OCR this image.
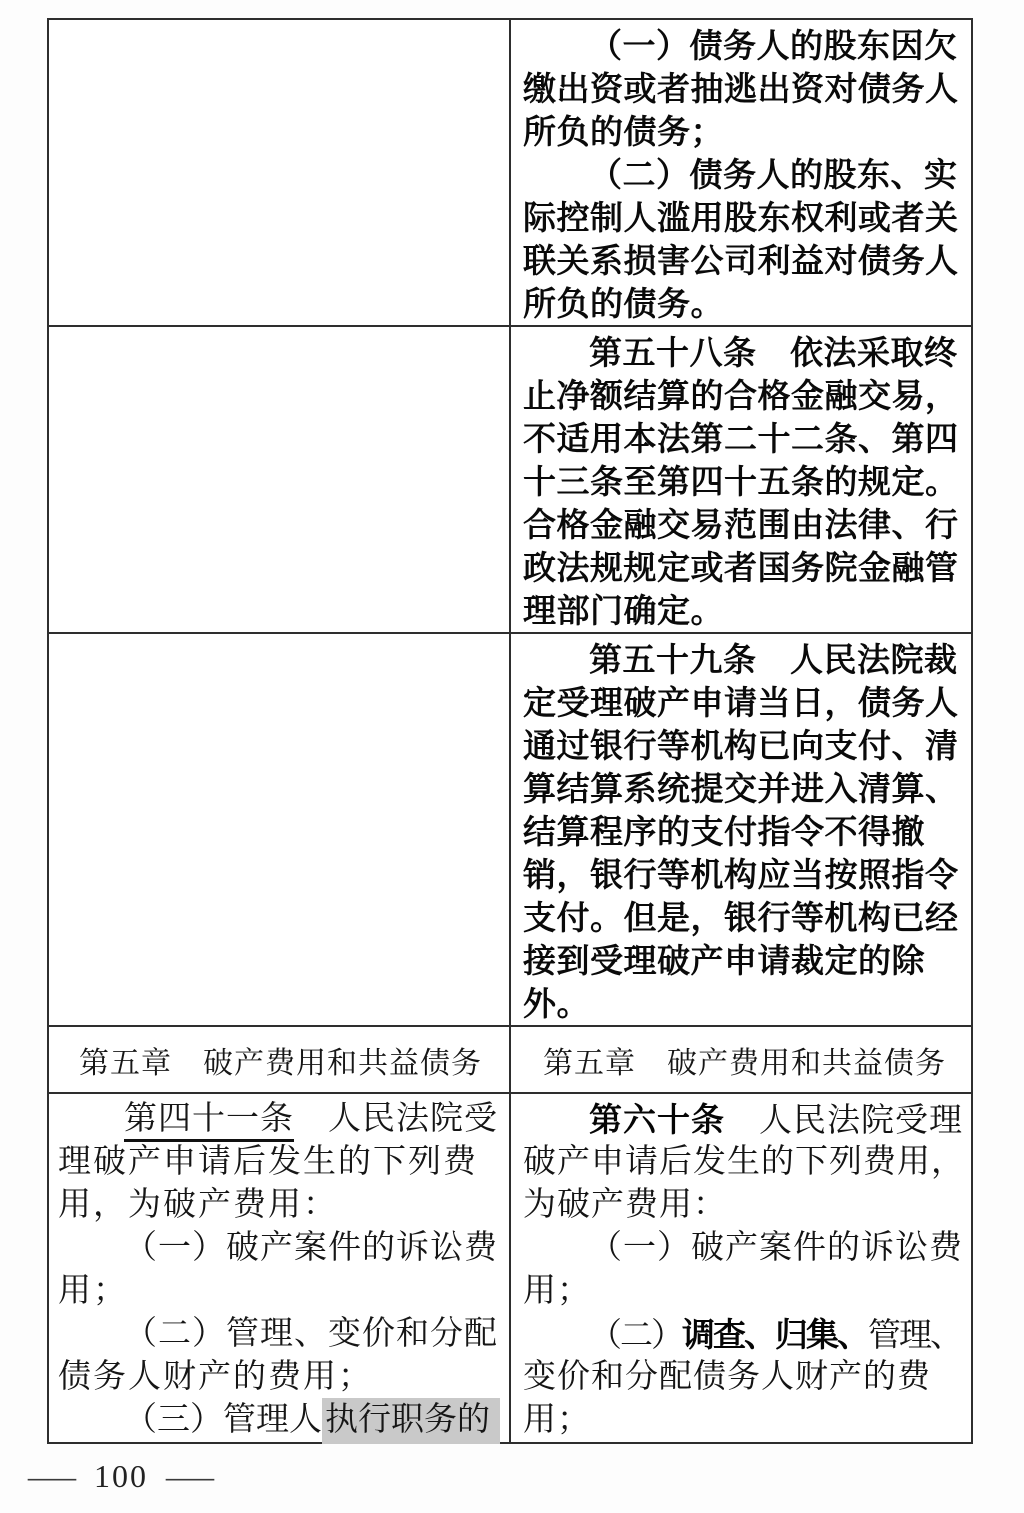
（一）债务人的股东因欠
缴出资或者抽逃出资对债务人
所负的债务；
（二）债务人的股东、实
际控制人滥用股东权利或者关
联关系损害公司利益对债务人
所负的债务。
第五十八条　依法采取终
止净额结算的合格金融交易，
不适用本法第二十二条、第四
十三条至第四十五条的规定。
合格金融交易范围由法律、行
政法规规定或者国务院金融管
理部门确定。
第五十九条　人民法院裁
定受理破产申请当日，债务人
通过银行等机构已向支付、清
算结算系统提交并进入清算、
结算程序的支付指令不得撤
销，银行等机构应当按照指令
支付。但是，银行等机构已经
接到受理破产申请裁定的除
外。
第五章　破产费用和共益债务 第五章　破产费用和共益债务
第四十一条　人民法院受
理破产申请后发生的下列费
用，为破产费用：
（一）破产案件的诉讼费
用；
（二）管理、变价和分配
债务人财产的费用；
（三）管理人执行职务的
第六十条　人民法院受理
破产申请后发生的下列费用，
为破产费用：
（一）破产案件的诉讼费
用；
（二）调查、归集、管理、
变价和分配债务人财产的费
用；
— 100 —
